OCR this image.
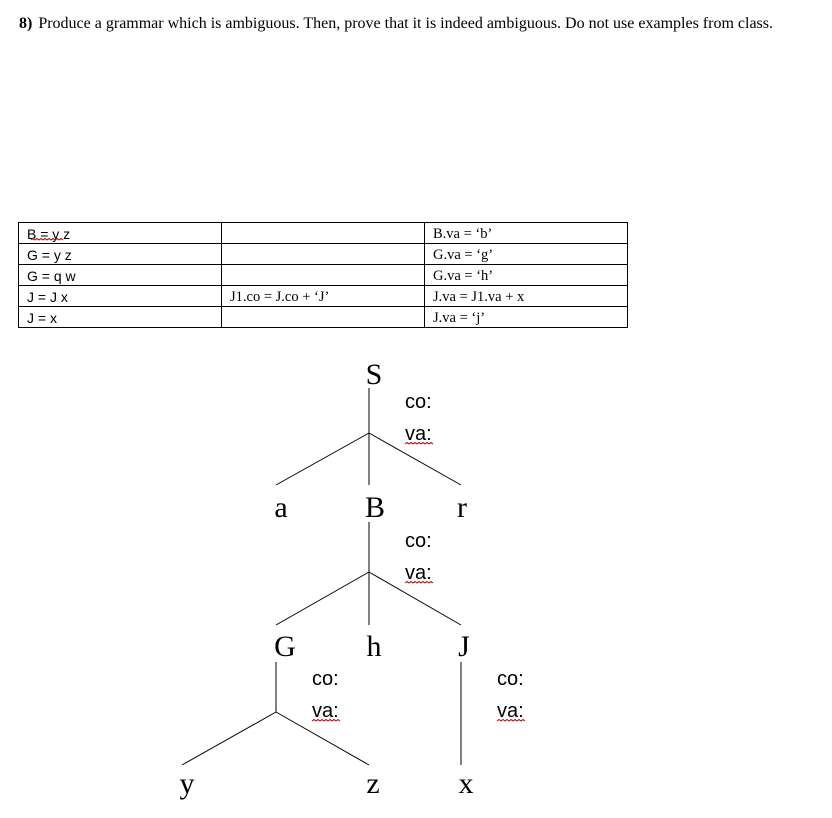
8) Produce a grammar which is ambiguous. Then, prove that it is indeed ambiguous. Do not use examples from class.
B = y z		B.va = ‘b’
G = y z		G.va = ‘g’
G = q w		G.va = ‘h’
J = J x	J1.co = J.co + ‘J’	J.va = J1.va + x
J = x		J.va = ‘j’
S
a	B r
G h	J
y	z	x
co:
va:
co:
va:
co:
va:
co:
va:
